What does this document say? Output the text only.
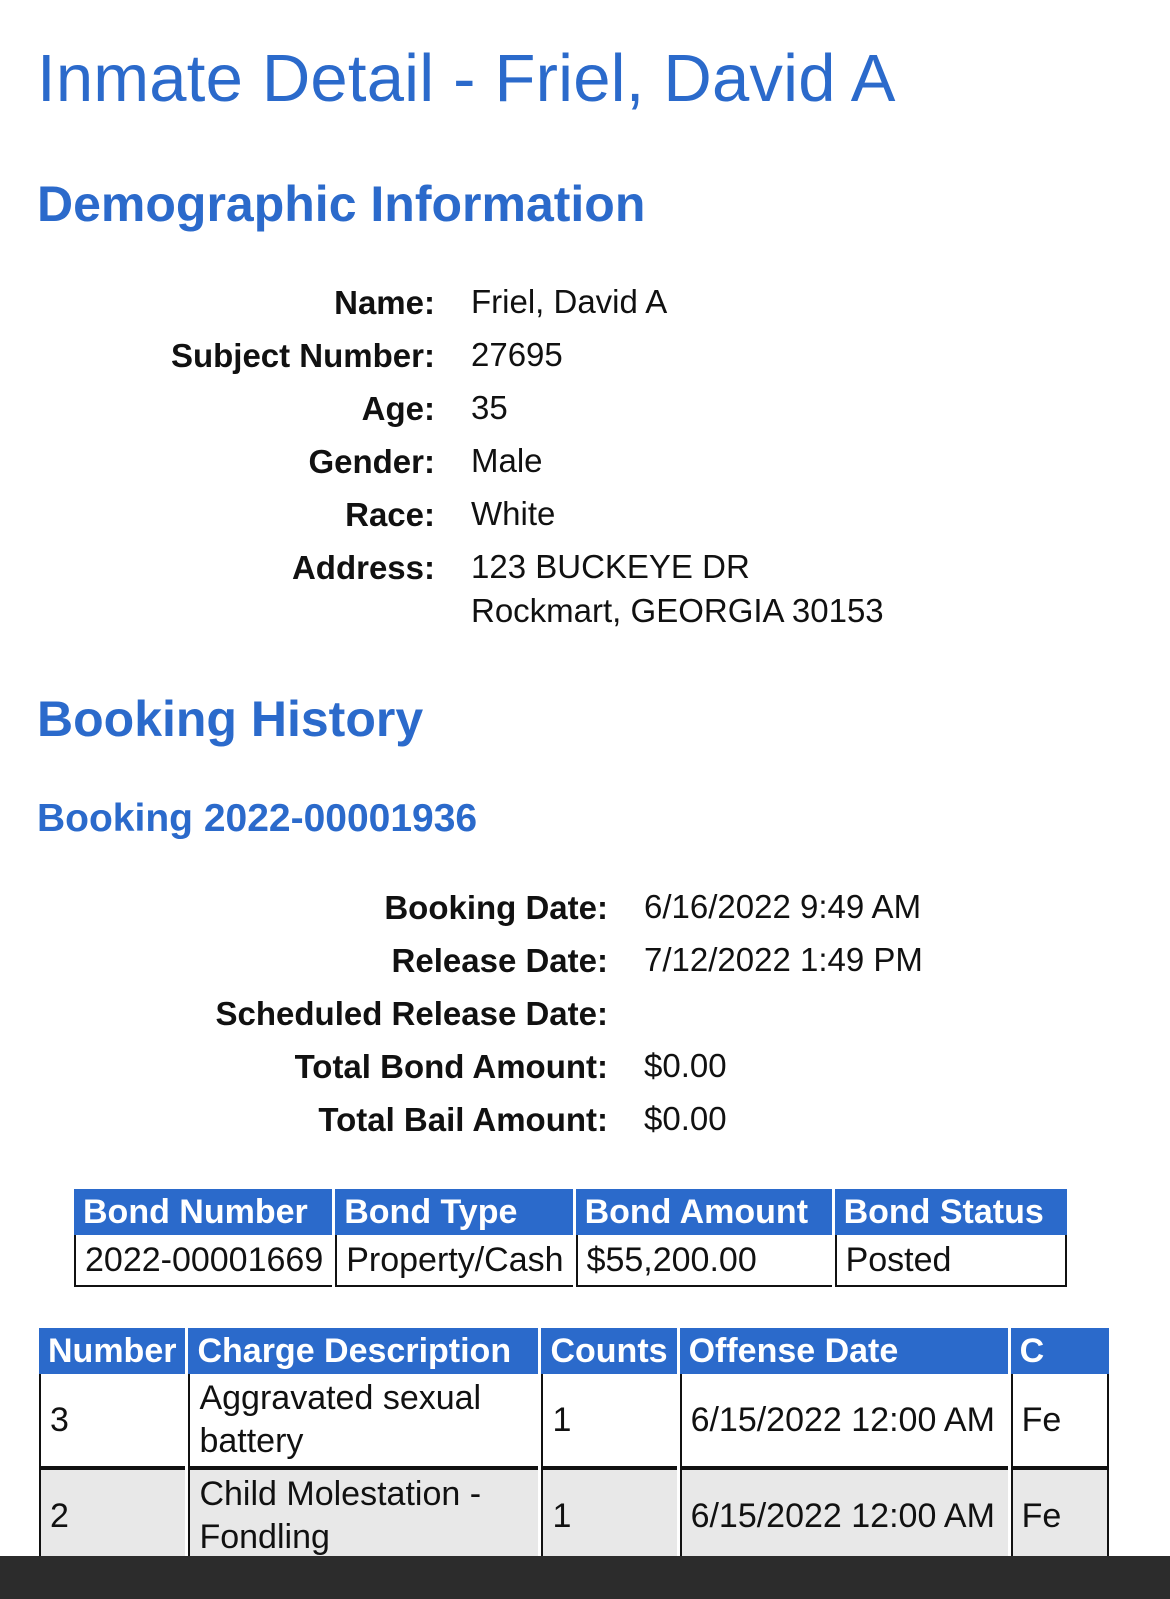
Inmate Detail - Friel, David A
Demographic Information
Name:	Friel, David A
Subject Number:	27695
Age:	35
Gender:	Male
Race:	White
Address:	123 BUCKEYE DR
Rockmart, GEORGIA 30153
Booking History
Booking 2022-00001936
Booking Date:	6/16/2022 9:49 AM
Release Date:	7/12/2022 1:49 PM
Scheduled Release Date:
Total Bond Amount:	$0.00
Total Bail Amount:	$0.00
Bond Number	Bond Type	Bond Amount	Bond Status
2022-00001669	Property/Cash	$55,200.00	Posted
Number	Charge Description	Counts	Offense Date	C
3	Aggravated sexual battery	1	6/15/2022 12:00 AM	Fe
2	Child Molestation - Fondling	1	6/15/2022 12:00 AM	Fe
